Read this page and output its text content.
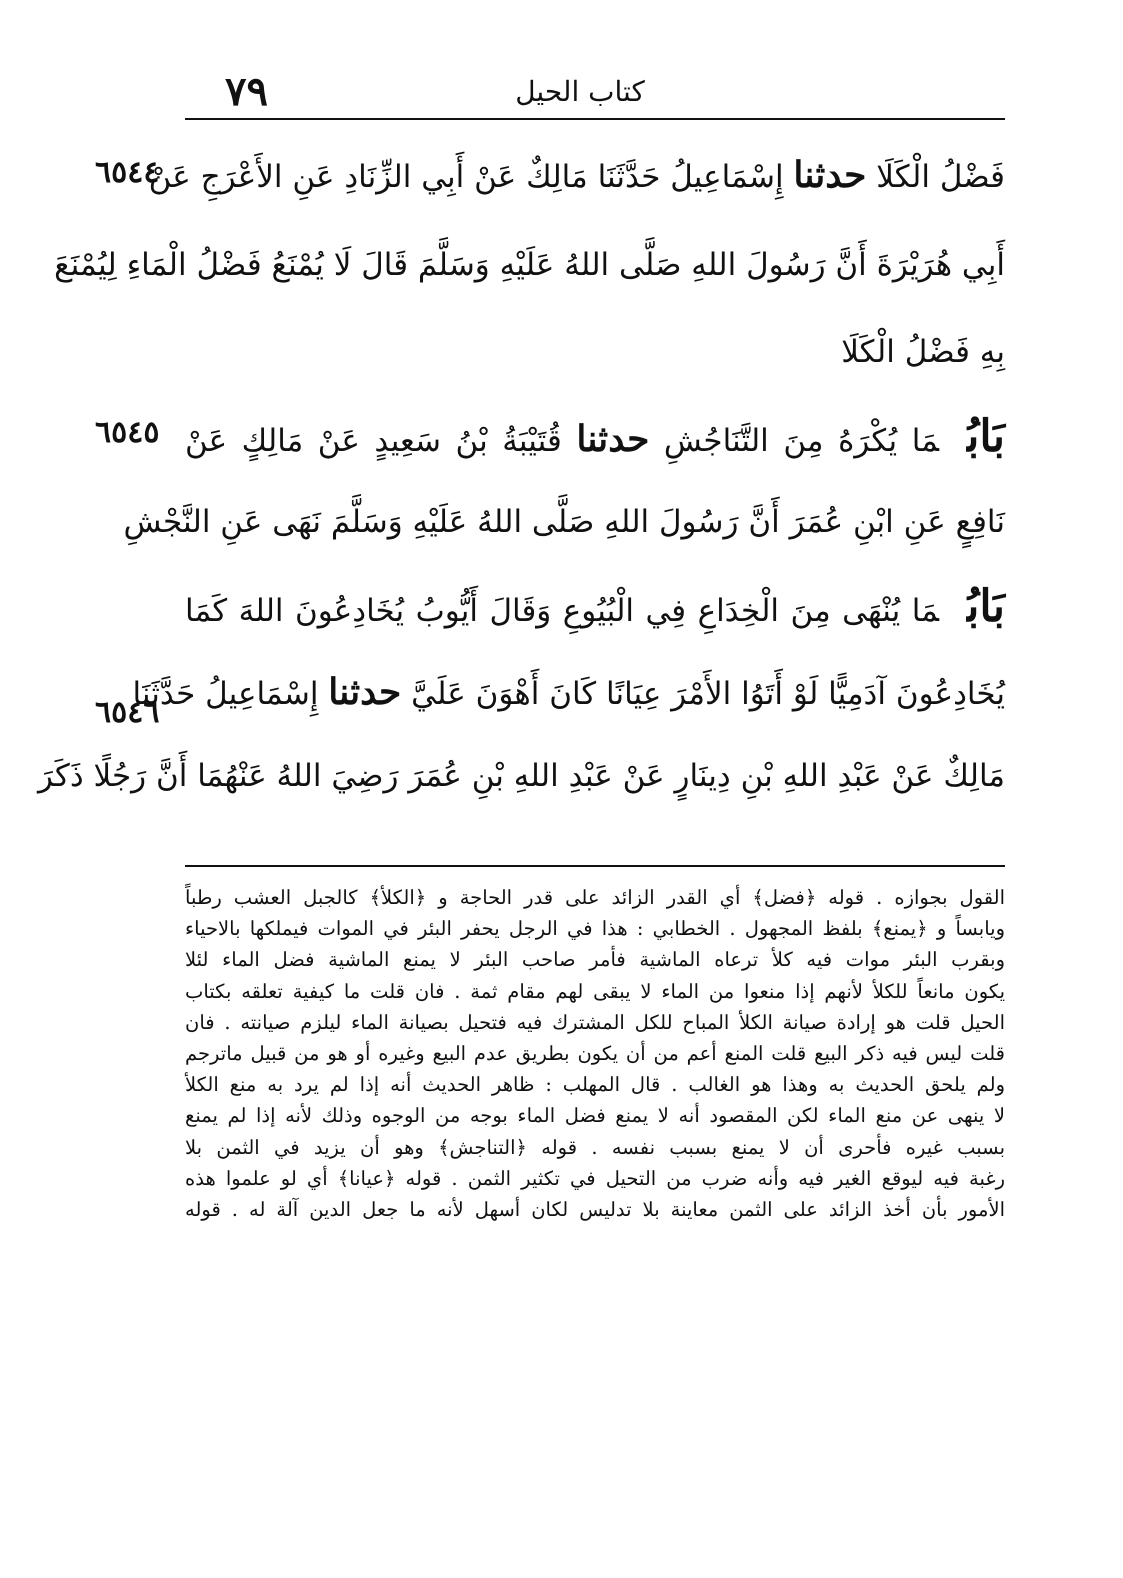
٧٩	كتاب الحيل
٦٥٤٤
٦٥٤٥
٦٥٤٦
فَضْلُ الْكَلَا حدثنا إِسْمَاعِيلُ حَدَّثَنَا مَالِكٌ عَنْ أَبِي الزِّنَادِ عَنِ الأَعْرَجِ عَنْ
أَبِي هُرَيْرَةَ أَنَّ رَسُولَ اللهِ صَلَّى اللهُ عَلَيْهِ وَسَلَّمَ قَالَ لَا يُمْنَعُ فَضْلُ الْمَاءِ لِيُمْنَعَ
بِهِ فَضْلُ الْكَلَا
بَابُمَا يُكْرَهُ مِنَ التَّنَاجُشِ حدثنا قُتَيْبَةُ بْنُ سَعِيدٍ عَنْ مَالِكٍ عَنْ
نَافِعٍ عَنِ ابْنِ عُمَرَ أَنَّ رَسُولَ اللهِ صَلَّى اللهُ عَلَيْهِ وَسَلَّمَ نَهَى عَنِ النَّجْشِ
بَابُمَا يُنْهَى مِنَ الْخِدَاعِ فِي الْبُيُوعِ وَقَالَ أَيُّوبُ يُخَادِعُونَ اللهَ كَمَا
يُخَادِعُونَ آدَمِيًّا لَوْ أَتَوُا الأَمْرَ عِيَانًا كَانَ أَهْوَنَ عَلَيَّ حدثنا إِسْمَاعِيلُ حَدَّثَنَا
مَالِكٌ عَنْ عَبْدِ اللهِ بْنِ دِينَارٍ عَنْ عَبْدِ اللهِ بْنِ عُمَرَ رَضِيَ اللهُ عَنْهُمَا أَنَّ رَجُلًا ذَكَرَ
القول بجوازه . قوله ﴿فضل﴾ أي القدر الزائد على قدر الحاجة و ﴿الكلأ﴾ كالجبل العشب رطباً
ويابساً و ﴿يمنع﴾ بلفظ المجهول . الخطابي : هذا في الرجل يحفر البئر في الموات فيملكها بالاحياء
وبقرب البئر موات فيه كلأ ترعاه الماشية فأمر صاحب البئر لا يمنع الماشية فضل الماء لئلا
يكون مانعاً للكلأ لأنهم إذا منعوا من الماء لا يبقى لهم مقام ثمة . فان قلت ما كيفية تعلقه بكتاب
الحيل قلت هو إرادة صيانة الكلأ المباح للكل المشترك فيه فتحيل بصيانة الماء ليلزم صيانته . فان
قلت ليس فيه ذكر البيع قلت المنع أعم من أن يكون بطريق عدم البيع وغيره أو هو من قبيل ماترجم
ولم يلحق الحديث به وهذا هو الغالب . قال المهلب : ظاهر الحديث أنه إذا لم يرد به منع الكلأ
لا ينهى عن منع الماء لكن المقصود أنه لا يمنع فضل الماء بوجه من الوجوه وذلك لأنه إذا لم يمنع
بسبب غيره فأحرى أن لا يمنع بسبب نفسه . قوله ﴿التناجش﴾ وهو أن يزيد في الثمن بلا
رغبة فيه ليوقع الغير فيه وأنه ضرب من التحيل في تكثير الثمن . قوله ﴿عيانا﴾ أي لو علموا هذه
الأمور بأن أخذ الزائد على الثمن معاينة بلا تدليس لكان أسهل لأنه ما جعل الدين آلة له . قوله
